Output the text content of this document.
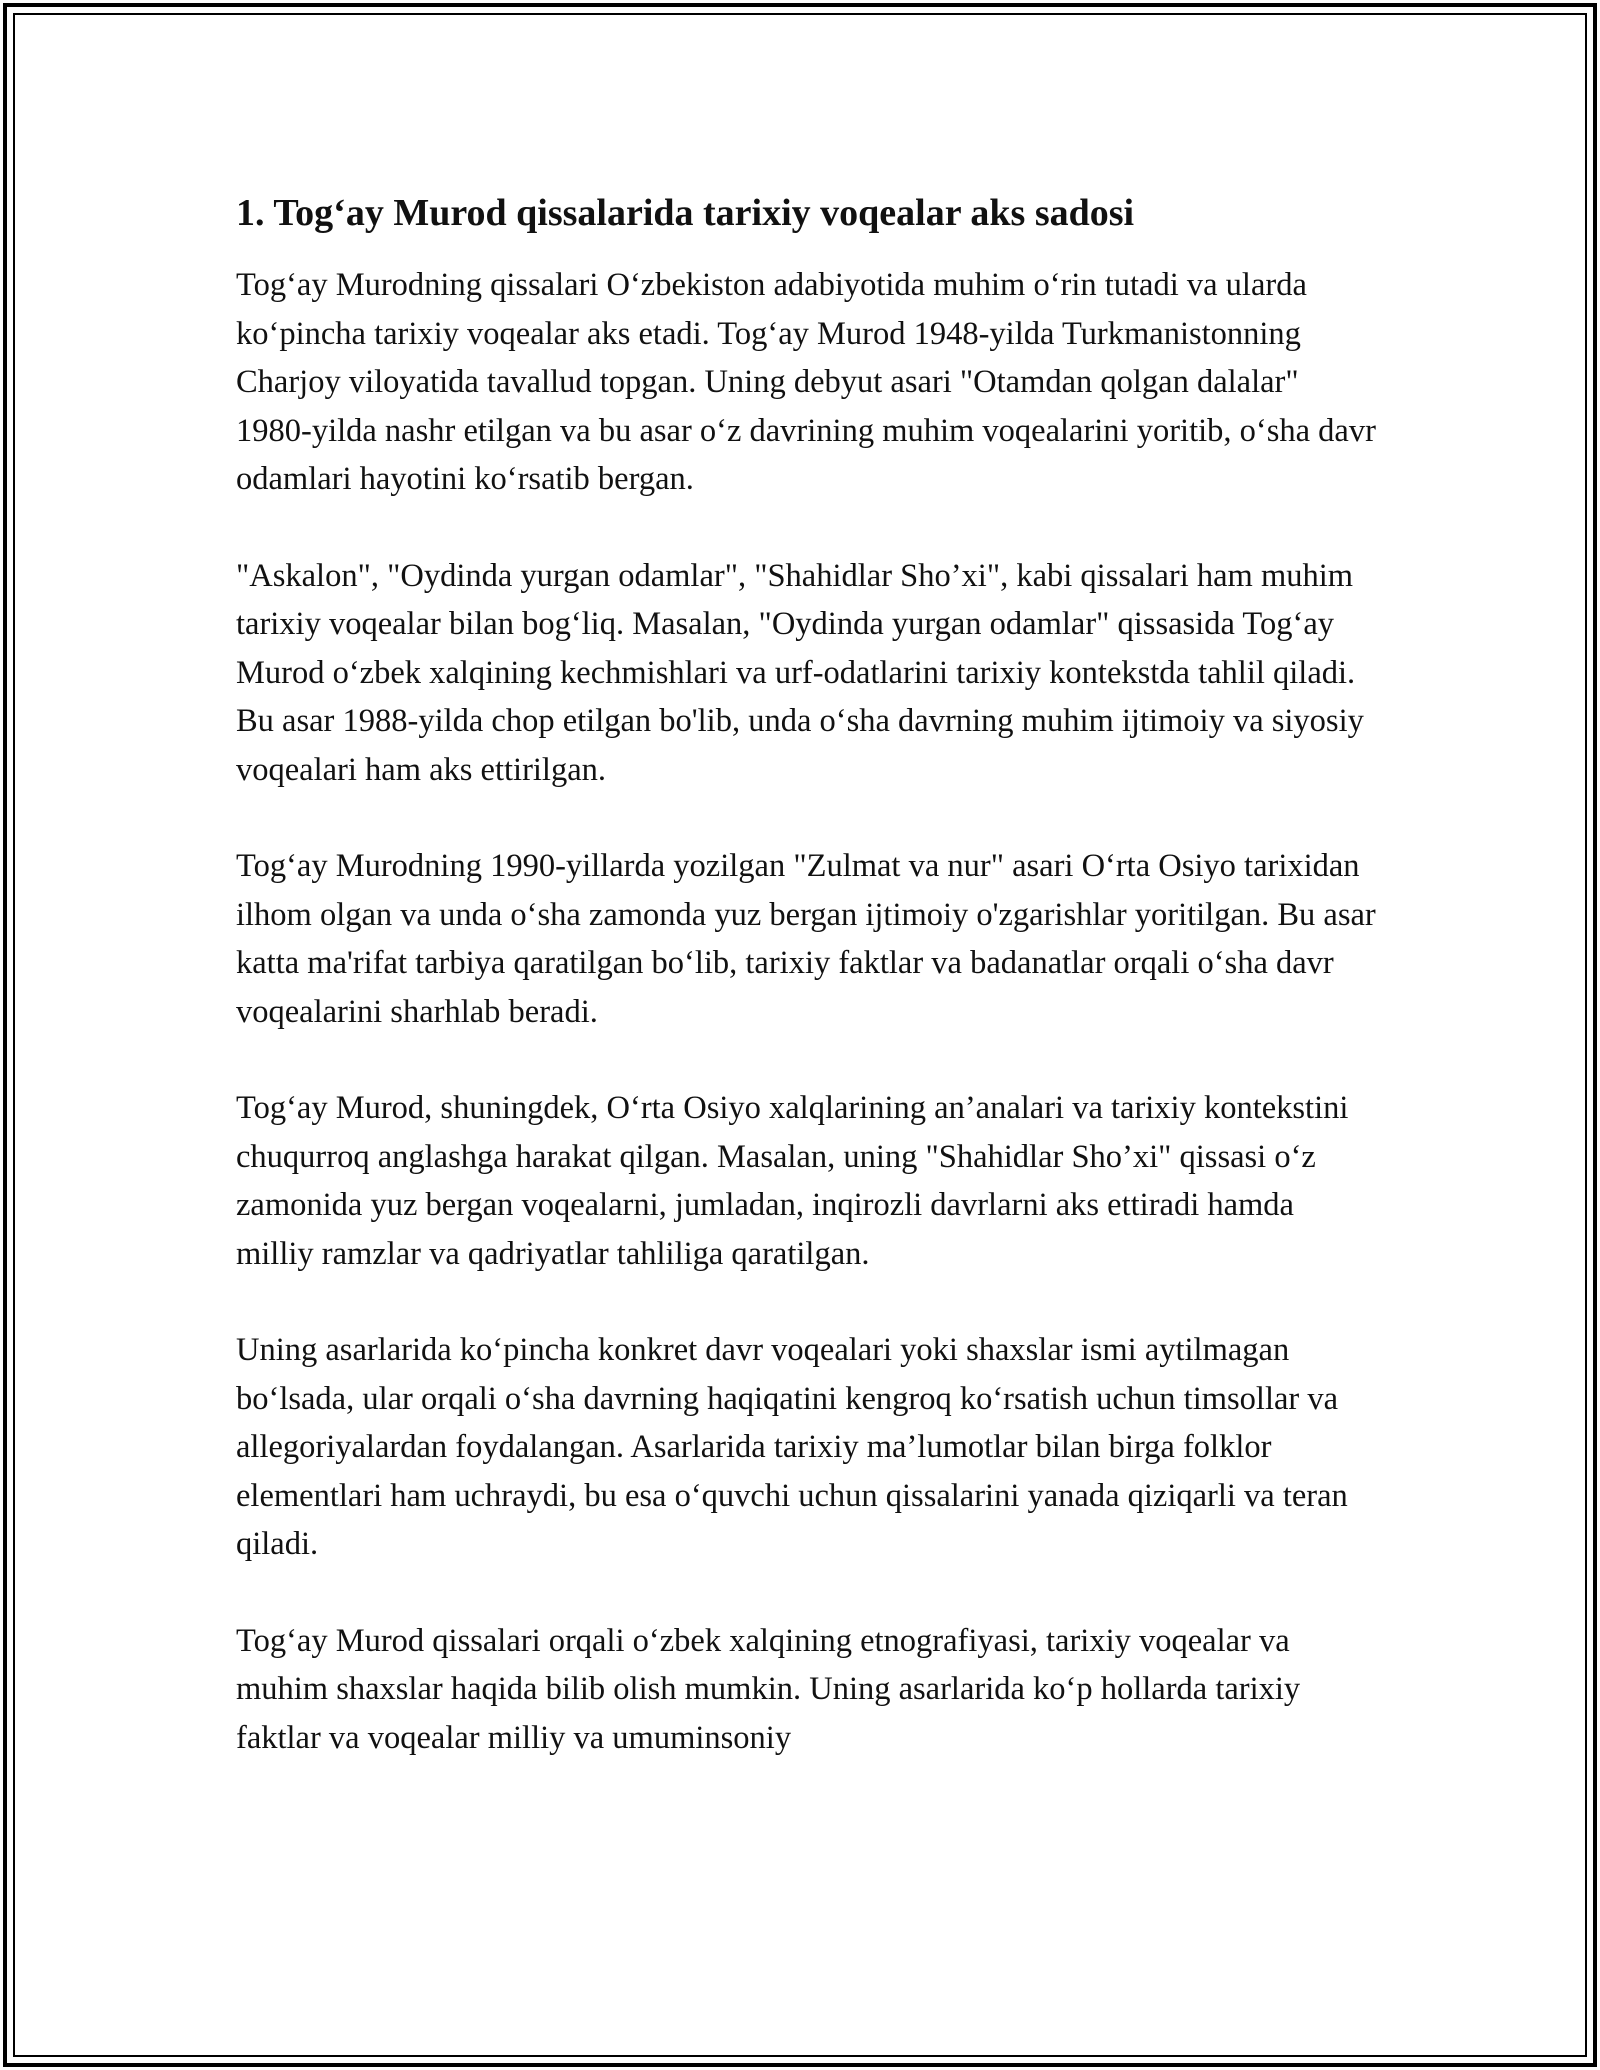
1. Tog‘ay Murod qissalarida tarixiy voqealar aks sadosi

Tog‘ay Murodning qissalari O‘zbekiston adabiyotida muhim o‘rin tutadi va ularda ko‘pincha tarixiy voqealar aks etadi. Tog‘ay Murod 1948-yilda Turkmanistonning Charjoy viloyatida tavallud topgan. Uning debyut asari "Otamdan qolgan dalalar" 1980-yilda nashr etilgan va bu asar o‘z davrining muhim voqealarini yoritib, o‘sha davr odamlari hayotini ko‘rsatib bergan.

"Askalon", "Oydinda yurgan odamlar", "Shahidlar Sho’xi", kabi qissalari ham muhim tarixiy voqealar bilan bog‘liq. Masalan, "Oydinda yurgan odamlar" qissasida Tog‘ay Murod o‘zbek xalqining kechmishlari va urf-odatlarini tarixiy kontekstda tahlil qiladi. Bu asar 1988-yilda chop etilgan bo'lib, unda o‘sha davrning muhim ijtimoiy va siyosiy voqealari ham aks ettirilgan.

Tog‘ay Murodning 1990-yillarda yozilgan "Zulmat va nur" asari O‘rta Osiyo tarixidan ilhom olgan va unda o‘sha zamonda yuz bergan ijtimoiy o'zgarishlar yoritilgan. Bu asar katta ma'rifat tarbiya qaratilgan bo‘lib, tarixiy faktlar va badanatlar orqali o‘sha davr voqealarini sharhlab beradi.

Tog‘ay Murod, shuningdek, O‘rta Osiyo xalqlarining an’analari va tarixiy kontekstini chuqurroq anglashga harakat qilgan. Masalan, uning "Shahidlar Sho’xi" qissasi o‘z zamonida yuz bergan voqealarni, jumladan, inqirozli davrlarni aks ettiradi hamda milliy ramzlar va qadriyatlar tahliliga qaratilgan.

Uning asarlarida ko‘pincha konkret davr voqealari yoki shaxslar ismi aytilmagan bo‘lsada, ular orqali o‘sha davrning haqiqatini kengroq ko‘rsatish uchun timsollar va allegoriyalardan foydalangan. Asarlarida tarixiy ma’lumotlar bilan birga folklor elementlari ham uchraydi, bu esa o‘quvchi uchun qissalarini yanada qiziqarli va teran qiladi.

Tog‘ay Murod qissalari orqali o‘zbek xalqining etnografiyasi, tarixiy voqealar va muhim shaxslar haqida bilib olish mumkin. Uning asarlarida ko‘p hollarda tarixiy faktlar va voqealar milliy va umuminsoniy
